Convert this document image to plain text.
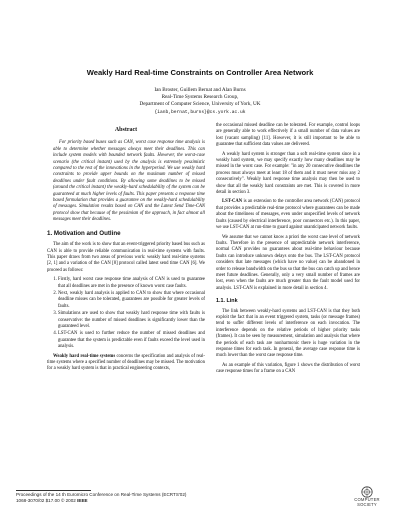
Weakly Hard Real-time Constraints on Controller Area Network
Ian Broster, Guillem Bernat and Alan Burns
Real-Time Systems Research Group,
Department of Computer Science, University of York, UK
{ianb,bernat,burns}@cs.york.ac.uk
Abstract

For priority based buses such as CAN, worst case response time analysis is able to determine whether messages always meet their deadlines. This can include system models with bounded network faults. However, the worst-case scenario (the critical instant) used by the analysis is extremely pessimistic compared to the rest of the innovations in the hyperperiod. We use weakly hard constraints to provide upper bounds on the maximum number of missed deadlines under fault conditions. By allowing some deadlines to be missed (around the critical instant) the weakly-hard schedulability of the system can be guaranteed at much higher levels of faults. This paper presents a response time based formulation that provides a guarantee on the weakly-hard schedulability of messages. Simulation results based on CAN and the Latest Send Time-CAN protocol show that because of the pessimism of the approach, in fact almost all messages meet their deadlines.

1. Motivation and Outline

The aim of the work is to show that an event-triggered priority based bus such as CAN is able to provide reliable communication in real-time systems with faults. This paper draws from two areas of previous work: weakly hard real-time systems [2, 1] and a variation of the CAN [8] protocol called latest send time CAN [6]. We proceed as follows:

1. Firstly, hard worst case response time analysis of CAN is used to guarantee that all deadlines are met in the presence of known worst case faults.
2. Next, weakly hard analysis is applied to CAN to show that where occasional deadline misses can be tolerated, guarantees are possible for greater levels of faults.
3. Simulations are used to show that weakly hard response time with faults is conservative: the number of missed deadlines is significantly lower than the guaranteed level.
4. LST-CAN is used to further reduce the number of missed deadlines and guarantee that the system is predictable even if faults exceed the level used in analysis.

Weakly hard real-time systems concerns the specification and analysis of real-time systems where a specified number of deadlines may be missed. The motivation for a weakly hard system is that in practical engineering contexts,

the occasional missed deadline can be tolerated. For example, control loops are generally able to work effectively if a small number of data values are lost (vacant sampling) [11]. However, it is still important to be able to guarantee that sufficient data values are delivered.

A weakly hard system is stronger than a soft real-time system since in a weakly hard system, we may specify exactly how many deadlines may be missed in the worst case. For example: "in any 20 consecutive deadlines the process must always meet at least 18 of them and it must never miss any 2 consecutively". Weakly hard response time analysis may then be used to show that all the weakly hard constraints are met. This is covered in more detail in section 3.

LST-CAN is an extension to the controller area network (CAN) protocol that provides a predictable real-time protocol where guarantees can be made about the timeliness of messages, even under unspecified levels of network faults (caused by electrical interference, poor connectors etc.). In this paper, we use LST-CAN at run-time to guard against unanticipated network faults.

We assume that we cannot know a priori the worst case level of network faults. Therefore in the presence of unpredictable network interference, normal CAN provides no guarantees about real-time behaviour because faults can introduce unknown delays onto the bus. The LST-CAN protocol considers that late messages (which have no value) can be abandoned in order to release bandwidth on the bus so that the bus can catch up and hence meet future deadlines. Generally, only a very small number of frames are lost, even when the faults are much greater than the fault model used for analysis. LST-CAN is explained in more detail in section 4.

1.1. Link

The link between weakly-hard systems and LST-CAN is that they both exploit the fact that in an event triggered system, tasks (or message frames) tend to suffer different levels of interference on each invocation. The interference depends on the relative periods of higher priority tasks (frames). It can be seen by measurement, simulation and analysis that where the periods of each task are nonharmonic there is huge variation in the response times for each task. In general, the average case response time is much lower than the worst case response time.

As an example of this variation, figure 1 shows the distribution of worst case response times for a frame on a CAN

Proceedings of the 14 th Euromicro Conference on Real-Time Systems (ECRTS'02)
1068-3070/02 $17.00 © 2002 IEEE	COMPUTER
SOCIETY
